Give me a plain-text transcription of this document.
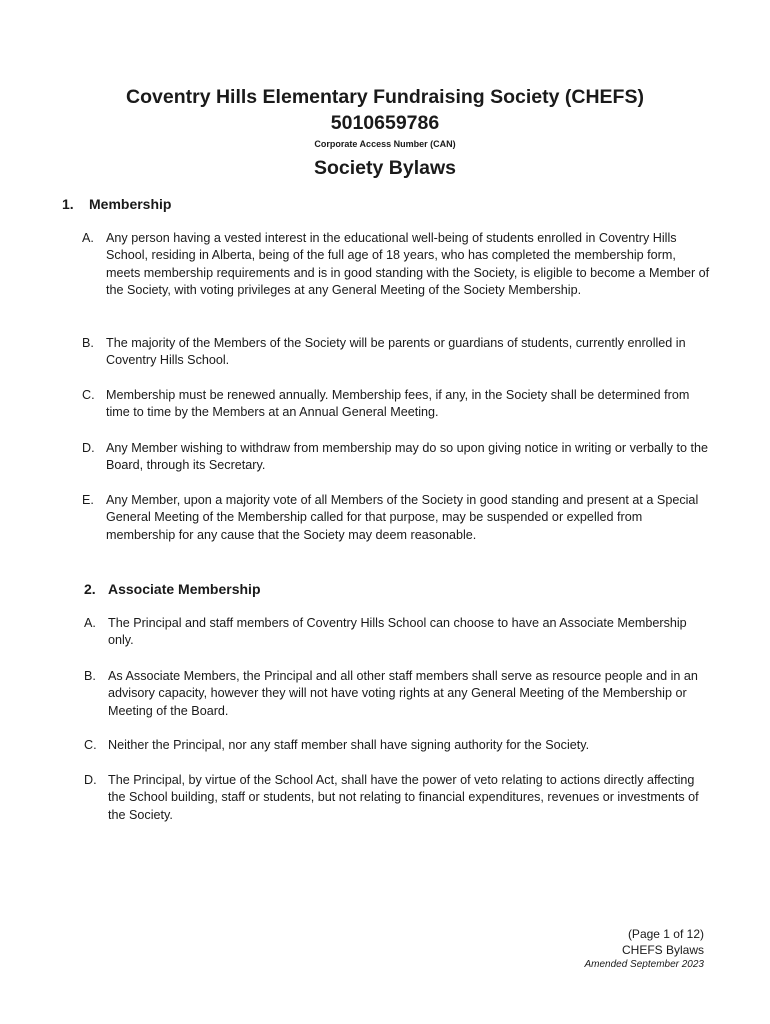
Coventry Hills Elementary Fundraising Society (CHEFS)
5010659786
Corporate Access Number (CAN)
Society Bylaws
1. Membership
A. Any person having a vested interest in the educational well-being of students enrolled in Coventry Hills School, residing in Alberta, being of the full age of 18 years, who has completed the membership form, meets membership requirements and is in good standing with the Society, is eligible to become a Member of the Society, with voting privileges at any General Meeting of the Society Membership.
B. The majority of the Members of the Society will be parents or guardians of students, currently enrolled in Coventry Hills School.
C. Membership must be renewed annually. Membership fees, if any, in the Society shall be determined from time to time by the Members at an Annual General Meeting.
D. Any Member wishing to withdraw from membership may do so upon giving notice in writing or verbally to the Board, through its Secretary.
E. Any Member, upon a majority vote of all Members of the Society in good standing and present at a Special General Meeting of the Membership called for that purpose, may be suspended or expelled from membership for any cause that the Society may deem reasonable.
2. Associate Membership
A. The Principal and staff members of Coventry Hills School can choose to have an Associate Membership only.
B. As Associate Members, the Principal and all other staff members shall serve as resource people and in an advisory capacity, however they will not have voting rights at any General Meeting of the Membership or Meeting of the Board.
C. Neither the Principal, nor any staff member shall have signing authority for the Society.
D. The Principal, by virtue of the School Act, shall have the power of veto relating to actions directly affecting the School building, staff or students, but not relating to financial expenditures, revenues or investments of the Society.
(Page 1 of 12)
CHEFS Bylaws
Amended September 2023
